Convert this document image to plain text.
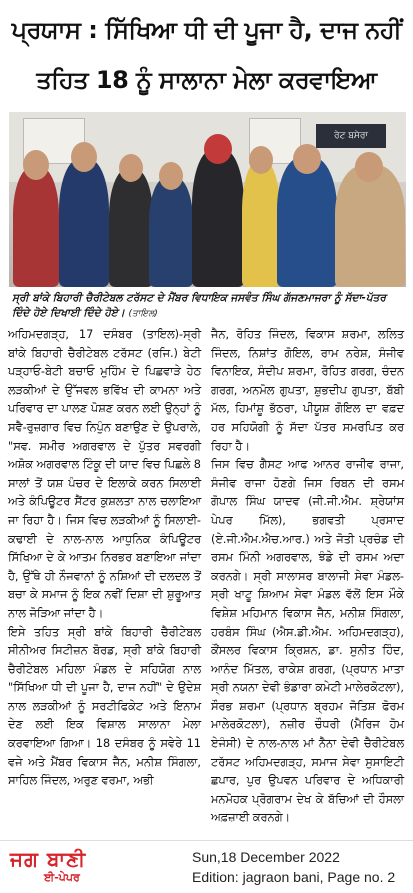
ਪ੍ਰਯਾਸ : ਸਿੱਖਿਆ ਧੀ ਦੀ ਪੂਜਾ ਹੈ, ਦਾਜ ਨਹੀਂ
ਤਹਿਤ 18 ਨੂੰ ਸਾਲਾਨਾ ਮੇਲਾ ਕਰਵਾਇਆ
ਰੇਟ ਬਸੇਰਾ
ਸ੍ਰੀ ਬਾਂਕੇ ਬਿਹਾਰੀ ਚੈਰੀਟੇਬਲ ਟਰੱਸਟ ਦੇ ਮੈਂਬਰ ਵਿਧਾਇਕ ਜਸਵੰਤ ਸਿੰਘ ਗੱਜਣਮਾਜਰਾ ਨੂੰ ਸੱਦਾ-ਪੱਤਰ ਦਿੰਦੇ ਹੋਏ ਦਿਖਾਈ ਦਿੰਦੇ ਹੋਏ। (ਤਾਇਲ)
ਅਹਿਮਦਗੜ੍ਹ, 17 ਦਸੰਬਰ (ਤਾਇਲ)-ਸ੍ਰੀ ਬਾਂਕੇ ਬਿਹਾਰੀ ਚੈਰੀਟੇਬਲ ਟਰੱਸਟ (ਰਜਿ.) ਬੇਟੀ ਪੜ੍ਹਾਓ-ਬੇਟੀ ਬਚਾਓ ਮੁਹਿੰਮ ਦੇ ਪਿਛਵਾੜੇ ਹੇਠ ਲੜਕੀਆਂ ਦੇ ਉੱਜਵਲ ਭਵਿੱਖ ਦੀ ਕਾਮਨਾ ਅਤੇ ਪਰਿਵਾਰ ਦਾ ਪਾਲਣ ਪੋਸ਼ਣ ਕਰਨ ਲਈ ਉਨ੍ਹਾਂ ਨੂੰ ਸਵੈ-ਰੁਜ਼ਗਾਰ ਵਿਚ ਨਿਪੁੰਨ ਬਣਾਉਣ ਦੇ ਉਪਰਾਲੇ, "ਸਵ. ਸਮੀਰ ਅਗਰਵਾਲ ਦੇ ਪੁੱਤਰ ਸਵਰਗੀ ਅਸ਼ੋਕ ਅਗਰਵਾਲ ਟਿੰਕੂ ਦੀ ਯਾਦ ਵਿਚ ਪਿਛਲੇ 8 ਸਾਲਾਂ ਤੋਂ ਯਸ਼ ਪੰਚਰ ਦੇ ਇਲਾਕੇ ਕਰਨ ਸਿਲਾਈ ਅਤੇ ਕੰਪਿਊਟਰ ਸੈਂਟਰ ਕੁਸ਼ਲਤਾ ਨਾਲ ਚਲਾਇਆ ਜਾ ਰਿਹਾ ਹੈ। ਜਿਸ ਵਿਚ ਲੜਕੀਆਂ ਨੂੰ ਸਿਲਾਈ-ਕਢਾਈ ਦੇ ਨਾਲ-ਨਾਲ ਆਧੁਨਿਕ ਕੰਪਿਊਟਰ ਸਿੱਖਿਆ ਦੇ ਕੇ ਆਤਮ ਨਿਰਭਰ ਬਣਾਇਆ ਜਾਂਦਾ ਹੈ, ਉੱਥੇ ਹੀ ਨੌਜਵਾਨਾਂ ਨੂੰ ਨਸ਼ਿਆਂ ਦੀ ਦਲਦਲ ਤੋਂ ਬਚਾ ਕੇ ਸਮਾਜ ਨੂੰ ਇਕ ਨਵੀਂ ਦਿਸ਼ਾ ਦੀ ਸ਼ੁਰੂਆਤ ਨਾਲ ਜੋੜਿਆ ਜਾਂਦਾ ਹੈ।
ਇਸੇ ਤਹਿਤ ਸ੍ਰੀ ਬਾਂਕੇ ਬਿਹਾਰੀ ਚੈਰੀਟੇਬਲ ਸੀਨੀਅਰ ਸਿਟੀਜ਼ਨ ਬੋਰਡ, ਸ੍ਰੀ ਬਾਂਕੇ ਬਿਹਾਰੀ ਚੈਰੀਟੇਬਲ ਮਹਿਲਾ ਮੰਡਲ ਦੇ ਸਹਿਯੋਗ ਨਾਲ "ਸਿੱਖਿਆ ਧੀ ਦੀ ਪੂਜਾ ਹੈ, ਦਾਜ ਨਹੀਂ" ਦੇ ਉਦੇਸ਼ ਨਾਲ ਲੜਕੀਆਂ ਨੂੰ ਸਰਟੀਫਿਕੇਟ ਅਤੇ ਇਨਾਮ ਦੇਣ ਲਈ ਇਕ ਵਿਸ਼ਾਲ ਸਾਲਾਨਾ ਮੇਲਾ ਕਰਵਾਇਆ ਗਿਆ। 18 ਦਸੰਬਰ ਨੂੰ ਸਵੇਰੇ 11 ਵਜੇ ਅਤੇ ਮੈਂਬਰ ਵਿਕਾਸ ਜੈਨ, ਮਨੀਸ਼ ਸਿੰਗਲਾ, ਸਾਹਿਲ ਜਿੰਦਲ, ਅਰੁਣ ਵਰਮਾ, ਅਭੀ
ਜੈਨ, ਰੋਹਿਤ ਜਿੰਦਲ, ਵਿਕਾਸ ਸ਼ਰਮਾ, ਲਲਿਤ ਜਿੰਦਲ, ਨਿਸ਼ਾਂਤ ਗੋਇਲ, ਰਾਮ ਨਰੇਸ਼, ਸੰਜੀਵ ਵਿਨਾਇਕ, ਸੰਦੀਪ ਸ਼ਰਮਾ, ਰੋਹਿਤ ਗਰਗ, ਚੰਦਨ ਗਰਗ, ਅਨਮੋਲ ਗੁਪਤਾ, ਸ਼ੁਭਦੀਪ ਗੁਪਤਾ, ਬੱਬੀ ਮੱਲ, ਹਿਮਾਂਸ਼ੂ ਭੱਠਰਾ, ਪੀਯੂਸ਼ ਗੋਇਲ ਦਾ ਵਫ਼ਦ ਹਰ ਸਹਿਯੋਗੀ ਨੂੰ ਸੱਦਾ ਪੱਤਰ ਸਮਰਪਿਤ ਕਰ ਰਿਹਾ ਹੈ।
ਜਿਸ ਵਿਚ ਗੈਸਟ ਆਫ ਆਨਰ ਰਾਜੀਵ ਰਾਜਾ, ਸੰਜੀਵ ਰਾਜਾ ਹੋਣਗੇ ਜਿਸ ਰਿਬਨ ਦੀ ਰਸਮ ਗੋਪਾਲ ਸਿੰਘ ਯਾਦਵ (ਜੀ.ਜੀ.ਐਮ. ਸ਼੍ਰੇਯਾਂਸ ਪੇਪਰ ਮਿੱਲ), ਭਗਵਤੀ ਪ੍ਰਸਾਦ (ਏ.ਜੀ.ਐਮ.ਐਚ.ਆਰ.) ਅਤੇ ਜੋਤੀ ਪ੍ਰਚੰਡ ਦੀ ਰਸਮ ਮਿੰਨੀ ਅਗਰਵਾਲ, ਝੰਡੇ ਦੀ ਰਸਮ ਅਦਾ ਕਰਨਗੇ। ਸ੍ਰੀ ਸਾਲਾਸਰ ਬਾਲਾਜੀ ਸੇਵਾ ਮੰਡਲ-ਸ੍ਰੀ ਖਾਟੂ ਸ਼ਿਆਮ ਸੇਵਾ ਮੰਡਲ ਵੱਲੋਂ ਇਸ ਮੌਕੇ ਵਿਸ਼ੇਸ਼ ਮਹਿਮਾਨ ਵਿਕਾਸ ਜੈਨ, ਮਨੀਸ਼ ਸਿੰਗਲਾ, ਹਰਬੰਸ ਸਿੰਘ (ਐਸ.ਡੀ.ਐਮ. ਅਹਿਮਦਗੜ੍ਹ), ਕੌਂਸਲਰ ਵਿਕਾਸ ਕ੍ਰਿਸ਼ਨ, ਡਾ. ਸੁਨੀਤ ਹਿੰਦ, ਆਨੰਦ ਮਿੱਤਲ, ਰਾਕੇਸ਼ ਗਰਗ, (ਪ੍ਰਧਾਨ ਮਾਤਾ ਸ੍ਰੀ ਨਯਨਾ ਦੇਵੀ ਭੰਡਾਰਾ ਕਮੇਟੀ ਮਾਲੇਰਕੋਟਲਾ), ਸੌਰਭ ਸ਼ਰਮਾ (ਪ੍ਰਧਾਨ ਬ੍ਰਹਮ ਜੋਤਿਸ਼ ਫੋਰਮ ਮਾਲੇਰਕੋਟਲਾ), ਨਜ਼ੀਰ ਚੌਧਰੀ (ਮੈਰਿਜ ਹੋਮ ਏਜੰਸੀ) ਦੇ ਨਾਲ-ਨਾਲ ਮਾਂ ਨੈਨਾ ਦੇਵੀ ਚੈਰੀਟੇਬਲ ਟਰੱਸਟ ਅਹਿਮਦਗੜ੍ਹ, ਸਮਾਜ ਸੇਵਾ ਸੁਸਾਇਟੀ ਛਪਾਰ, ਪੁਰ ਉਪਵਨ ਪਰਿਵਾਰ ਦੇ ਅਧਿਕਾਰੀ ਮਨਮੋਹਕ ਪ੍ਰੋਗਰਾਮ ਦੇਖ ਕੇ ਬੱਚਿਆਂ ਦੀ ਹੌਸਲਾ ਅਫ਼ਜ਼ਾਈ ਕਰਨਗੇ।
ਜਗ ਬਾਣੀ
ਈ-ਪੇਪਰ
Sun,18 December 2022
Edition: jagraon bani, Page no. 2
